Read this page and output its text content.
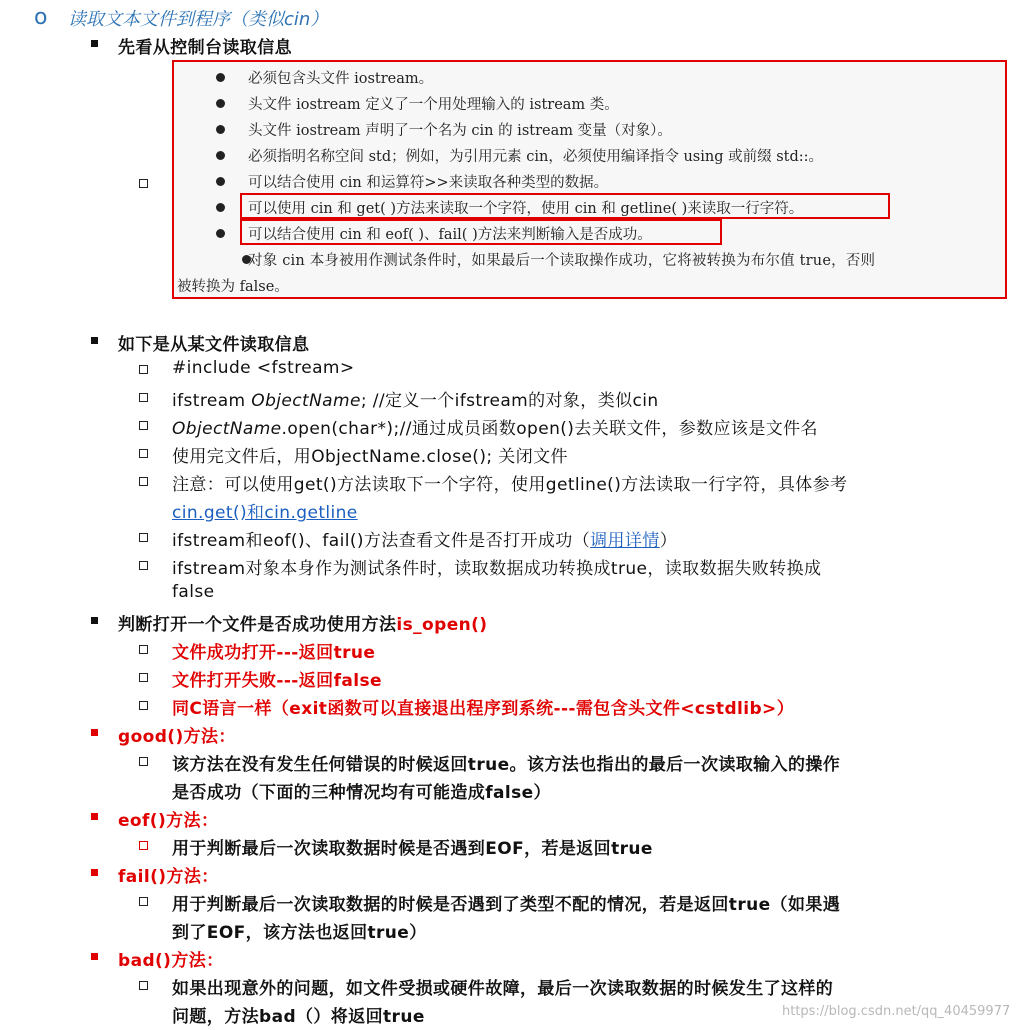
o 读取文本文件到程序（类似cin）
先看从控制台读取信息
必须包含头文件 iostream。
头文件 iostream 定义了一个用处理输入的 istream 类。
头文件 iostream 声明了一个名为 cin 的 istream 变量（对象）。
必须指明名称空间 std；例如，为引用元素 cin，必须使用编译指令 using 或前缀 std::。
可以结合使用 cin 和运算符>>来读取各种类型的数据。
可以使用 cin 和 get( )方法来读取一个字符，使用 cin 和 getline( )来读取一行字符。
可以结合使用 cin 和 eof( )、fail( )方法来判断输入是否成功。
对象 cin 本身被用作测试条件时，如果最后一个读取操作成功，它将被转换为布尔值 true，否则
被转换为 false。
如下是从某文件读取信息
#include <fstream>
ifstream ObjectName; //定义一个ifstream的对象，类似cin
ObjectName.open(char*);//通过成员函数open()去关联文件，参数应该是文件名
使用完文件后，用ObjectName.close(); 关闭文件
注意：可以使用get()方法读取下一个字符，使用getline()方法读取一行字符，具体参考
cin.get()和cin.getline
ifstream和eof()、fail()方法查看文件是否打开成功（调用详情）
ifstream对象本身作为测试条件时，读取数据成功转换成true，读取数据失败转换成
false
判断打开一个文件是否成功使用方法is_open()
文件成功打开---返回true
文件打开失败---返回false
同C语言一样（exit函数可以直接退出程序到系统---需包含头文件<cstdlib>）
good()方法：
该方法在没有发生任何错误的时候返回true。该方法也指出的最后一次读取输入的操作
是否成功（下面的三种情况均有可能造成false）
eof()方法：
用于判断最后一次读取数据时候是否遇到EOF，若是返回true
fail()方法：
用于判断最后一次读取数据的时候是否遇到了类型不配的情况，若是返回true（如果遇
到了EOF，该方法也返回true）
bad()方法：
如果出现意外的问题，如文件受损或硬件故障，最后一次读取数据的时候发生了这样的
问题，方法bad（）将返回true	https://blog.csdn.net/qq_40459977
